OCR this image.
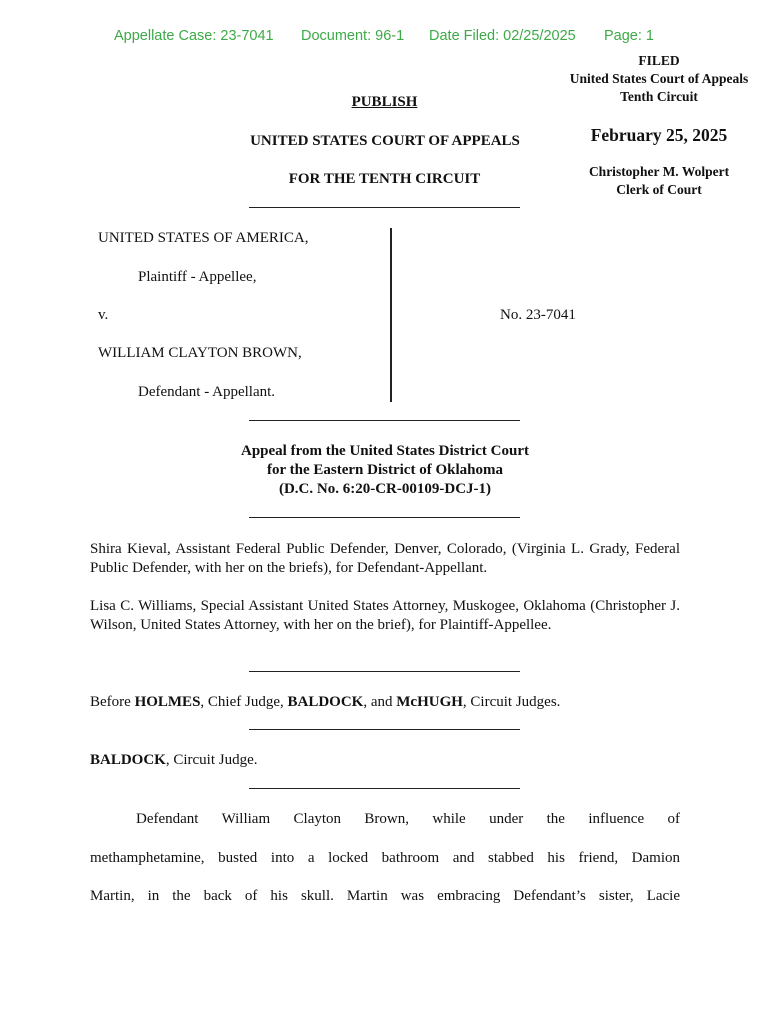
Appellate Case: 23-7041 Document: 96-1 Date Filed: 02/25/2025 Page: 1
FILED
United States Court of Appeals
Tenth Circuit
February 25, 2025
Christopher M. Wolpert
Clerk of Court
PUBLISH
UNITED STATES COURT OF APPEALS
FOR THE TENTH CIRCUIT
UNITED STATES OF AMERICA,
Plaintiff - Appellee,
v.
WILLIAM CLAYTON BROWN,
Defendant - Appellant.
No. 23-7041
Appeal from the United States District Court
for the Eastern District of Oklahoma
(D.C. No. 6:20-CR-00109-DCJ-1)
Shira Kieval, Assistant Federal Public Defender, Denver, Colorado, (Virginia L. Grady, Federal Public Defender, with her on the briefs), for Defendant-Appellant.
Lisa C. Williams, Special Assistant United States Attorney, Muskogee, Oklahoma (Christopher J. Wilson, United States Attorney, with her on the brief), for Plaintiff-Appellee.
Before HOLMES, Chief Judge, BALDOCK, and McHUGH, Circuit Judges.
BALDOCK, Circuit Judge.
Defendant William Clayton Brown, while under the influence of
methamphetamine, busted into a locked bathroom and stabbed his friend, Damion
Martin, in the back of his skull. Martin was embracing Defendant’s sister, Lacie
